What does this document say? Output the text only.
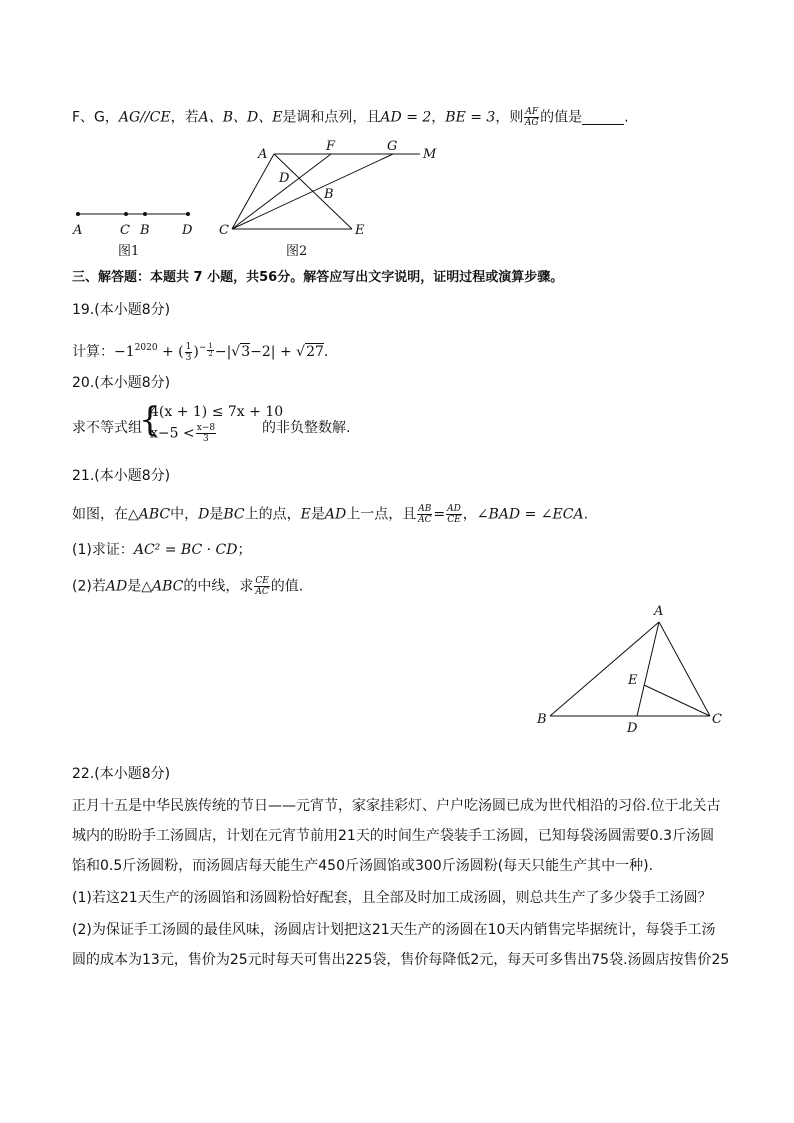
F、G，AG//CE，若A、B、D、E是调和点列，且AD = 2，BE = 3，则 $\frac{AF}{AG}$ 的值是	.
A	C B D
图1
A
F	G
M
D
B
C	E
图2
三、解答题：本题共 7 小题，共56分。解答应写出文字说明，证明过程或演算步骤。
19.(本小题8分)
计算：$-1^{2020}$ + ( $\frac{1}{3} )^{- \frac{1}{2}} -|√3-2| + √27$.
20.(本小题8分)
求不等式组
{
4(x + 1) ≤ 7x + 10
$x-5 < \frac{x-8}{3}$	的非负整数解.
21.(本小题8分)
如图，在△ABC中，D是BC上的点，E是AD上一点，且 $\frac{AB}{AC} = \frac{AD}{CE}$ ，∠BAD = ∠ECA.
(1)求证：AC² = BC · CD；
(2)若AD是△ABC的中线，求 $\frac{CE}{AC}$ 的值.
A
E
B
D
C
22.(本小题8分)
正月十五是中华民族传统的节日——元宵节，家家挂彩灯、户户吃汤圆已成为世代相沿的习俗.位于北关古
城内的盼盼手工汤圆店，计划在元宵节前用21天的时间生产袋装手工汤圆，已知每袋汤圆需要0.3斤汤圆
馅和0.5斤汤圆粉，而汤圆店每天能生产450斤汤圆馅或300斤汤圆粉(每天只能生产其中一种).
(1)若这21天生产的汤圆馅和汤圆粉恰好配套，且全部及时加工成汤圆，则总共生产了多少袋手工汤圆？
(2)为保证手工汤圆的最佳风味，汤圆店计划把这21天生产的汤圆在10天内销售完毕据统计，每袋手工汤
圆的成本为13元，售价为25元时每天可售出225袋，售价每降低2元，每天可多售出75袋.汤圆店按售价25
